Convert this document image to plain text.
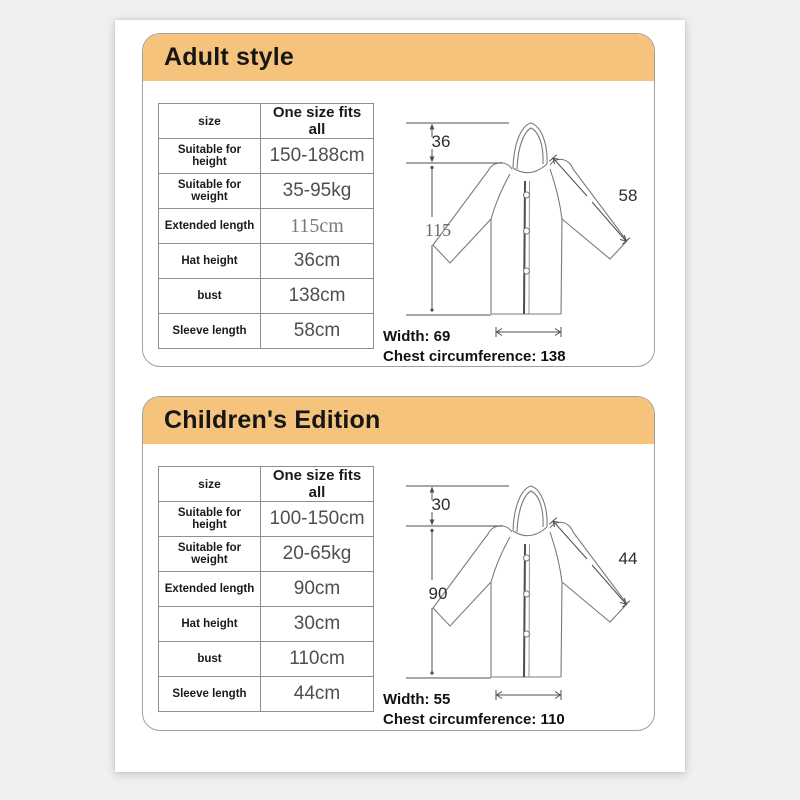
Adult style
size	One size fits all
Suitable for height	150-188cm
Suitable for weight	35-95kg
Extended length	115cm
Hat height	36cm
bust	138cm
Sleeve length	58cm
36
115
58
Width: 69
Chest circumference: 138
Children's Edition
size	One size fits all
Suitable for height	100-150cm
Suitable for weight	20-65kg
Extended length	90cm
Hat height	30cm
bust	110cm
Sleeve length	44cm
30
90
44
Width: 55
Chest circumference: 110
